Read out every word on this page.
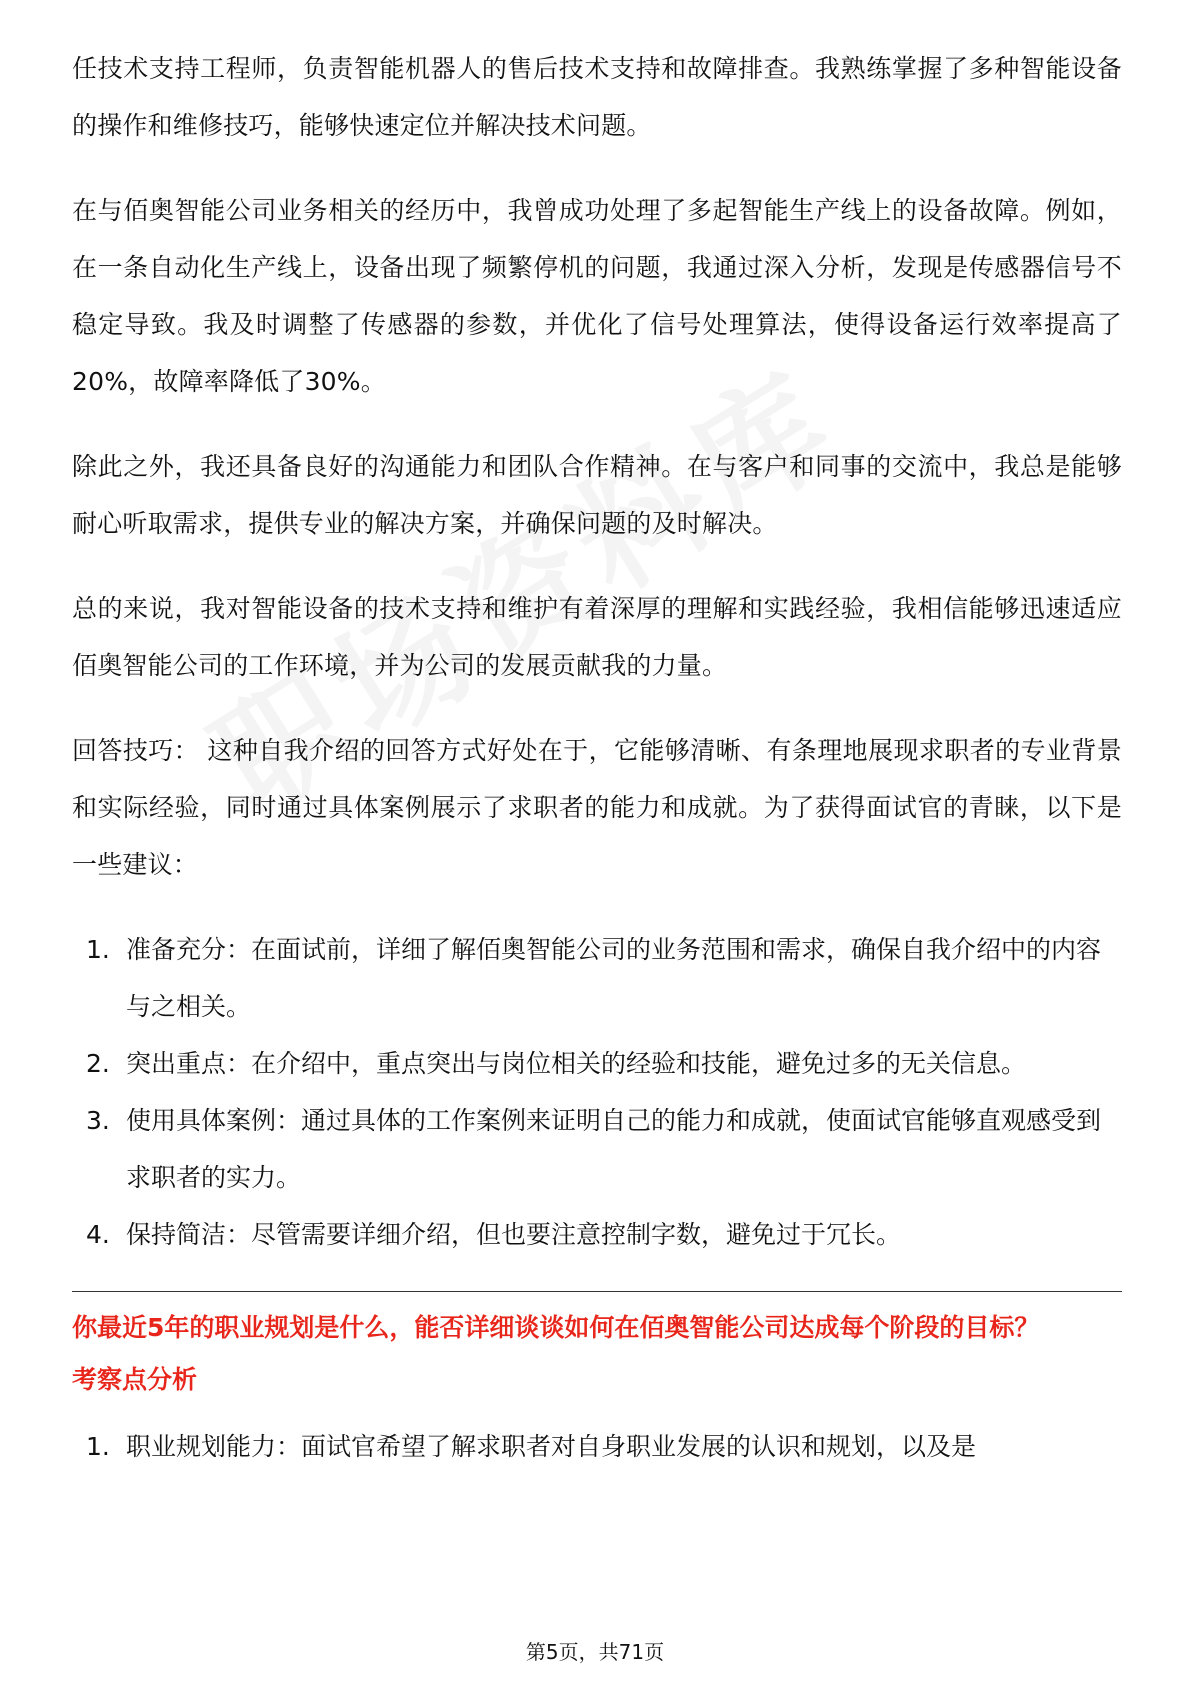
任技术支持工程师，负责智能机器人的售后技术支持和故障排查。我熟练掌握了多种智能设备的操作和维修技巧，能够快速定位并解决技术问题。

在与佰奥智能公司业务相关的经历中，我曾成功处理了多起智能生产线上的设备故障。例如，在一条自动化生产线上，设备出现了频繁停机的问题，我通过深入分析，发现是传感器信号不稳定导致。我及时调整了传感器的参数，并优化了信号处理算法，使得设备运行效率提高了20%，故障率降低了30%。

除此之外，我还具备良好的沟通能力和团队合作精神。在与客户和同事的交流中，我总是能够耐心听取需求，提供专业的解决方案，并确保问题的及时解决。

总的来说，我对智能设备的技术支持和维护有着深厚的理解和实践经验，我相信能够迅速适应佰奥智能公司的工作环境，并为公司的发展贡献我的力量。

回答技巧： 这种自我介绍的回答方式好处在于，它能够清晰、有条理地展现求职者的专业背景和实际经验，同时通过具体案例展示了求职者的能力和成就。为了获得面试官的青睐，以下是一些建议：

1. 准备充分：在面试前，详细了解佰奥智能公司的业务范围和需求，确保自我介绍中的内容与之相关。
2. 突出重点：在介绍中，重点突出与岗位相关的经验和技能，避免过多的无关信息。
3. 使用具体案例：通过具体的工作案例来证明自己的能力和成就，使面试官能够直观感受到求职者的实力。
4. 保持简洁：尽管需要详细介绍，但也要注意控制字数，避免过于冗长。
你最近5年的职业规划是什么，能否详细谈谈如何在佰奥智能公司达成每个阶段的目标？
考察点分析
1. 职业规划能力：面试官希望了解求职者对自身职业发展的认识和规划，以及是
第5页，共71页
